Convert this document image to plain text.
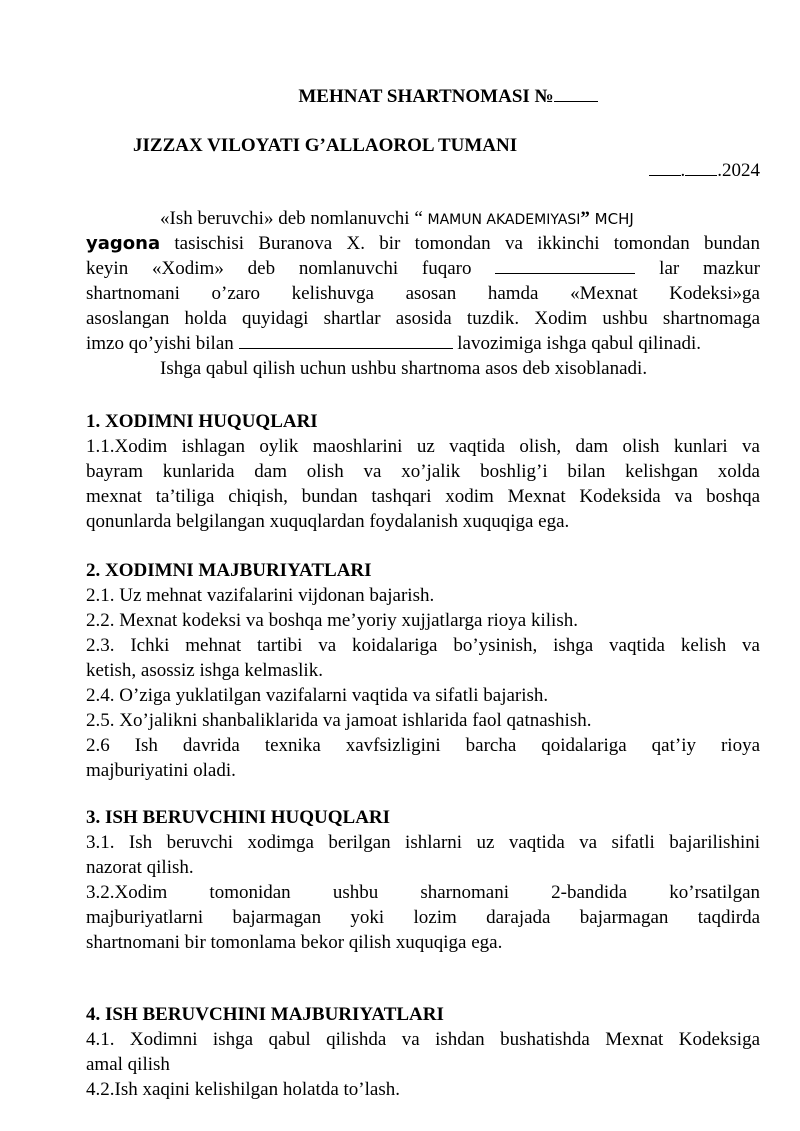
MEHNAT SHARTNOMASI №
JIZZAX VILOYATI G’ALLAOROL TUMANI
. .2024
«Ish beruvchi» deb nomlanuvchi “ MAMUN AKADEMIYASI” MCHJ
yagona tasischisi Buranova X. bir tomondan va ikkinchi tomondan bundan
keyin «Xodim» deb nomlanuvchi fuqaro	lar mazkur
shartnomani o’zaro kelishuvga asosan hamda «Mexnat Kodeksi»ga
asoslangan holda quyidagi shartlar asosida tuzdik. Xodim ushbu shartnomaga
imzo qo’yishi bilan	lavozimiga ishga qabul qilinadi.
Ishga qabul qilish uchun ushbu shartnoma asos deb xisoblanadi.
1. XODIMNI HUQUQLARI
1.1.Xodim ishlagan oylik maoshlarini uz vaqtida olish, dam olish kunlari va
bayram kunlarida dam olish va xo’jalik boshlig’i bilan kelishgan xolda
mexnat ta’tiliga chiqish, bundan tashqari xodim Mexnat Kodeksida va boshqa
qonunlarda belgilangan xuquqlardan foydalanish xuquqiga ega.
2. XODIMNI MAJBURIYATLARI
2.1. Uz mehnat vazifalarini vijdonan bajarish.
2.2. Mexnat kodeksi va boshqa me’yoriy xujjatlarga rioya kilish.
2.3. Ichki mehnat tartibi va koidalariga bo’ysinish, ishga vaqtida kelish va
ketish, asossiz ishga kelmaslik.
2.4. O’ziga yuklatilgan vazifalarni vaqtida va sifatli bajarish.
2.5. Xo’jalikni shanbaliklarida va jamoat ishlarida faol qatnashish.
2.6 Ish davrida texnika xavfsizligini barcha qoidalariga qat’iy rioya
majburiyatini oladi.
3. ISH BERUVCHINI HUQUQLARI
3.1. Ish beruvchi xodimga berilgan ishlarni uz vaqtida va sifatli bajarilishini
nazorat qilish.
3.2.Xodim tomonidan ushbu sharnomani 2-bandida ko’rsatilgan
majburiyatlarni bajarmagan yoki lozim darajada bajarmagan taqdirda
shartnomani bir tomonlama bekor qilish xuquqiga ega.
4. ISH BERUVCHINI MAJBURIYATLARI
4.1. Xodimni ishga qabul qilishda va ishdan bushatishda Mexnat Kodeksiga
amal qilish
4.2.Ish xaqini kelishilgan holatda to’lash.
